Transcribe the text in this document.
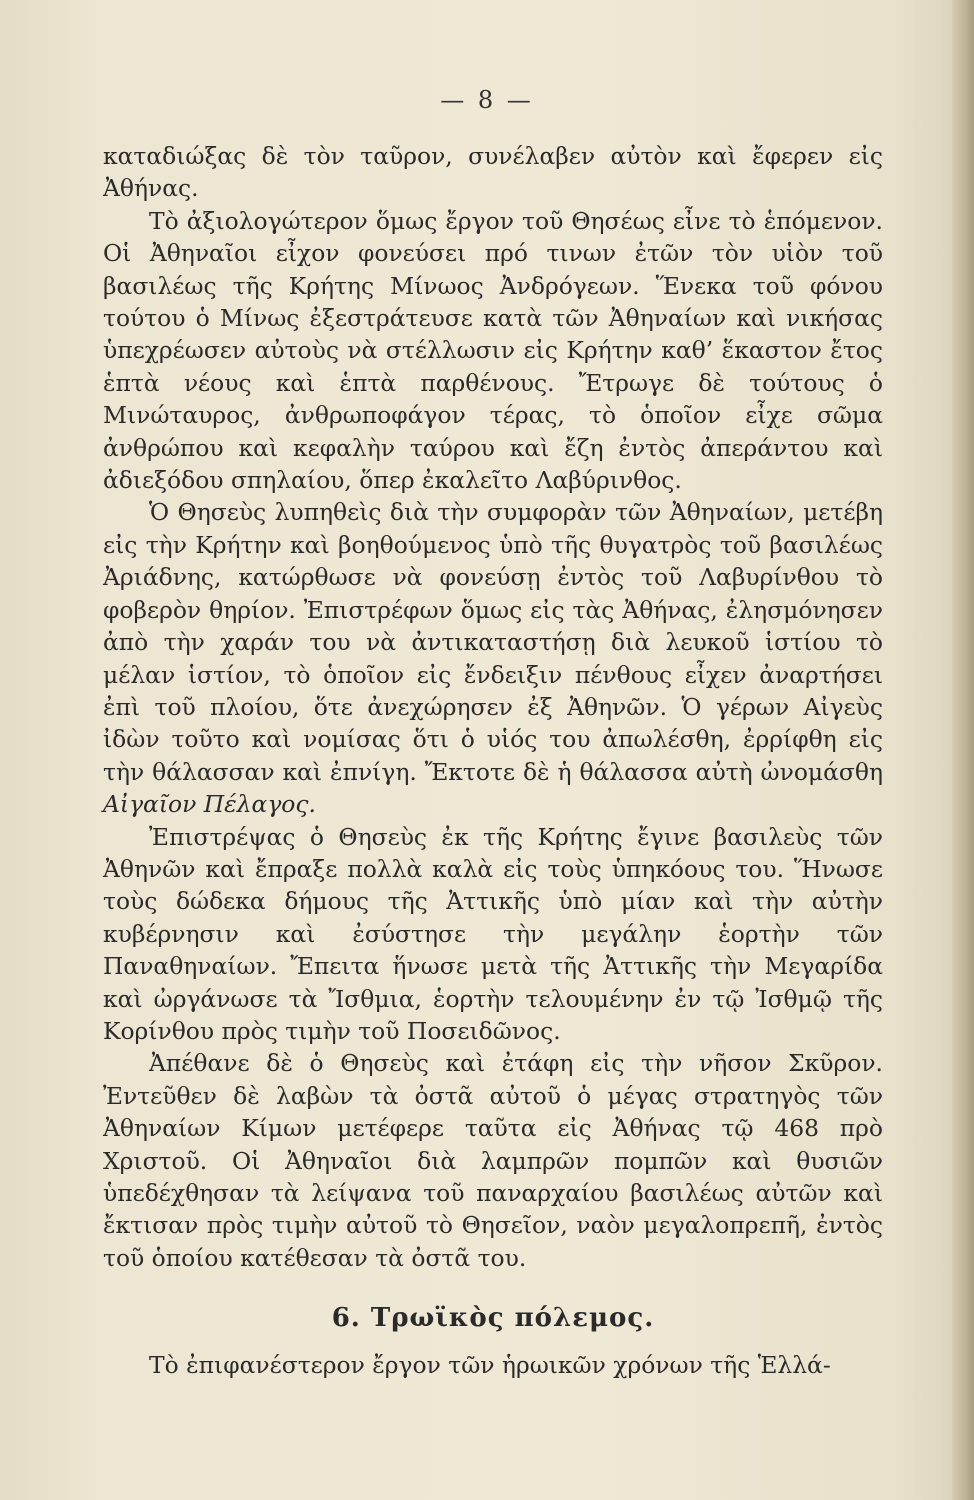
— 8 —

καταδιώξας δὲ τὸν ταῦρον, συνέλαβεν αὐτὸν καὶ ἔφερεν εἰς Ἀθήνας.

Τὸ ἀξιολογώτερον ὅμως ἔργον τοῦ Θησέως εἶνε τὸ ἑπόμενον. Οἱ Ἀθηναῖοι εἶχον φονεύσει πρό τινων ἐτῶν τὸν υἱὸν τοῦ βασιλέως τῆς Κρήτης Μίνωος Ἀνδρόγεων. Ἕνεκα τοῦ φόνου τούτου ὁ Μίνως ἐξεστράτευσε κατὰ τῶν Ἀθηναίων καὶ νικήσας ὑπεχρέωσεν αὐτοὺς νὰ στέλλωσιν εἰς Κρήτην καθ’ ἕκαστον ἔτος ἑπτὰ νέους καὶ ἑπτὰ παρθένους. Ἔτρωγε δὲ τούτους ὁ Μινώταυρος, ἀνθρωποφάγον τέρας, τὸ ὁποῖον εἶχε σῶμα ἀνθρώπου καὶ κεφαλὴν ταύρου καὶ ἔζη ἐντὸς ἀπεράντου καὶ ἀδιεξόδου σπηλαίου, ὅπερ ἐκαλεῖτο Λαβύρινθος.

Ὁ Θησεὺς λυπηθεὶς διὰ τὴν συμφορὰν τῶν Ἀθηναίων, μετέβη εἰς τὴν Κρήτην καὶ βοηθούμενος ὑπὸ τῆς θυγατρὸς τοῦ βασιλέως Ἀριάδνης, κατώρθωσε νὰ φονεύσῃ ἐντὸς τοῦ Λαβυρίνθου τὸ φοβερὸν θηρίον. Ἐπιστρέφων ὅμως εἰς τὰς Ἀθήνας, ἐλησμόνησεν ἀπὸ τὴν χαράν του νὰ ἀντικαταστήσῃ διὰ λευκοῦ ἱστίου τὸ μέλαν ἱστίον, τὸ ὁποῖον εἰς ἔνδειξιν πένθους εἶχεν ἀναρτήσει ἐπὶ τοῦ πλοίου, ὅτε ἀνεχώρησεν ἐξ Ἀθηνῶν. Ὁ γέρων Αἰγεὺς ἰδὼν τοῦτο καὶ νομίσας ὅτι ὁ υἱός του ἀπωλέσθη, ἐρρίφθη εἰς τὴν θάλασσαν καὶ ἐπνίγη. Ἔκτοτε δὲ ἡ θάλασσα αὐτὴ ὠνομάσθη Αἰγαῖον Πέλαγος.

Ἐπιστρέψας ὁ Θησεὺς ἐκ τῆς Κρήτης ἔγινε βασιλεὺς τῶν Ἀθηνῶν καὶ ἔπραξε πολλὰ καλὰ εἰς τοὺς ὑπηκόους του. Ἥνωσε τοὺς δώδεκα δήμους τῆς Ἀττικῆς ὑπὸ μίαν καὶ τὴν αὐτὴν κυβέρνησιν καὶ ἐσύστησε τὴν μεγάλην ἑορτὴν τῶν Παναθηναίων. Ἔπειτα ἥνωσε μετὰ τῆς Ἀττικῆς τὴν Μεγαρίδα καὶ ὠργάνωσε τὰ Ἴσθμια, ἑορτὴν τελουμένην ἐν τῷ Ἰσθμῷ τῆς Κορίνθου πρὸς τιμὴν τοῦ Ποσειδῶνος.

Ἀπέθανε δὲ ὁ Θησεὺς καὶ ἐτάφη εἰς τὴν νῆσον Σκῦρον. Ἐντεῦθεν δὲ λαβὼν τὰ ὀστᾶ αὐτοῦ ὁ μέγας στρατηγὸς τῶν Ἀθηναίων Κίμων μετέφερε ταῦτα εἰς Ἀθήνας τῷ 468 πρὸ Χριστοῦ. Οἱ Ἀθηναῖοι διὰ λαμπρῶν πομπῶν καὶ θυσιῶν ὑπεδέχθησαν τὰ λείψανα τοῦ παναρχαίου βασιλέως αὐτῶν καὶ ἔκτισαν πρὸς τιμὴν αὐτοῦ τὸ Θησεῖον, ναὸν μεγαλοπρεπῆ, ἐντὸς τοῦ ὁποίου κατέθεσαν τὰ ὀστᾶ του.

6. Τρωϊκὸς πόλεμος.

Τὸ ἐπιφανέστερον ἔργον τῶν ἡρωικῶν χρόνων τῆς Ἑλλά-
